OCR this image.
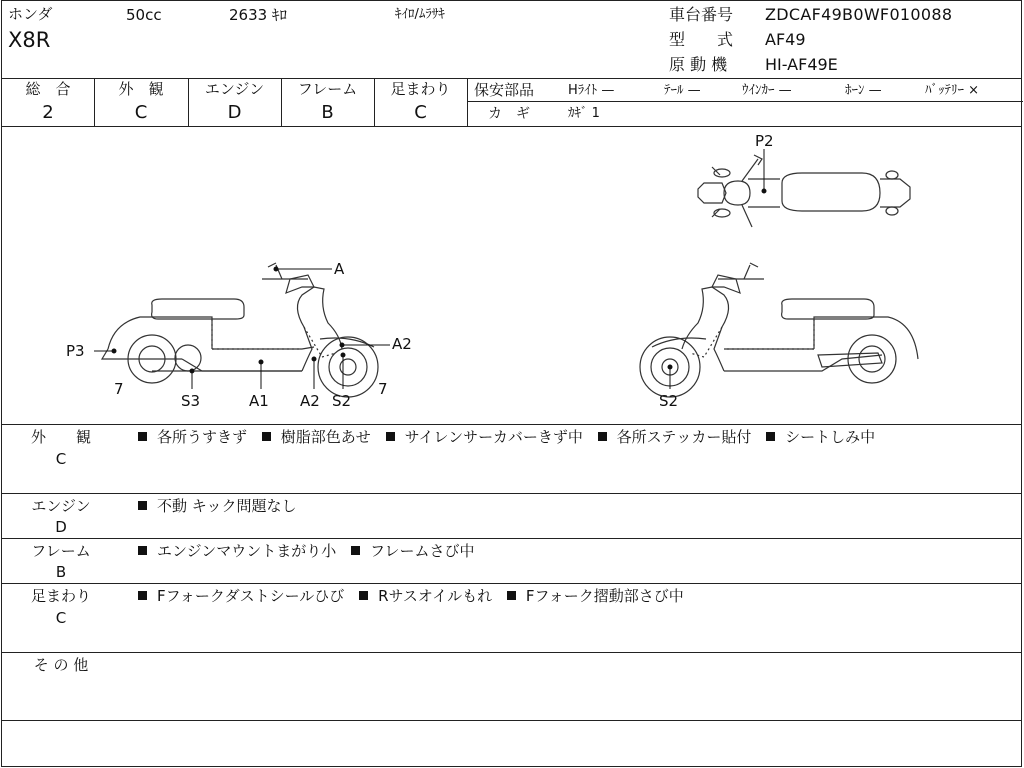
ホンダ
X8R
50cc	2633 ｷﾛ	ｷｲﾛ/ﾑﾗｻｷ	車台番号 ZDCAF49B0WF010088
型　　式 AF49
原 動 機 HI-AF49E
総　合
2
外　観
C
エンジン
D
フレーム
B
足まわり
C
保安部品	Hﾗｲﾄ —	ﾃｰﾙ —	ｳｲﾝｶｰ —	ﾎｰﾝ —	ﾊﾞｯﾃﾘｰ ×
カ　ギ	ｶｷﾞ 1
P2
A
A2
P3
7	7
S3	A1 A2 S2	S2
外　　観
C
各所うすきず 樹脂部色あせ サイレンサーカバーきず中 各所ステッカー貼付 シートしみ中
エンジン
D
不動 キック問題なし
フレーム
B
エンジンマウントまがり小 フレームさび中
足まわり
C
Fフォークダストシールひび Rサスオイルもれ Fフォーク摺動部さび中
そ の 他
